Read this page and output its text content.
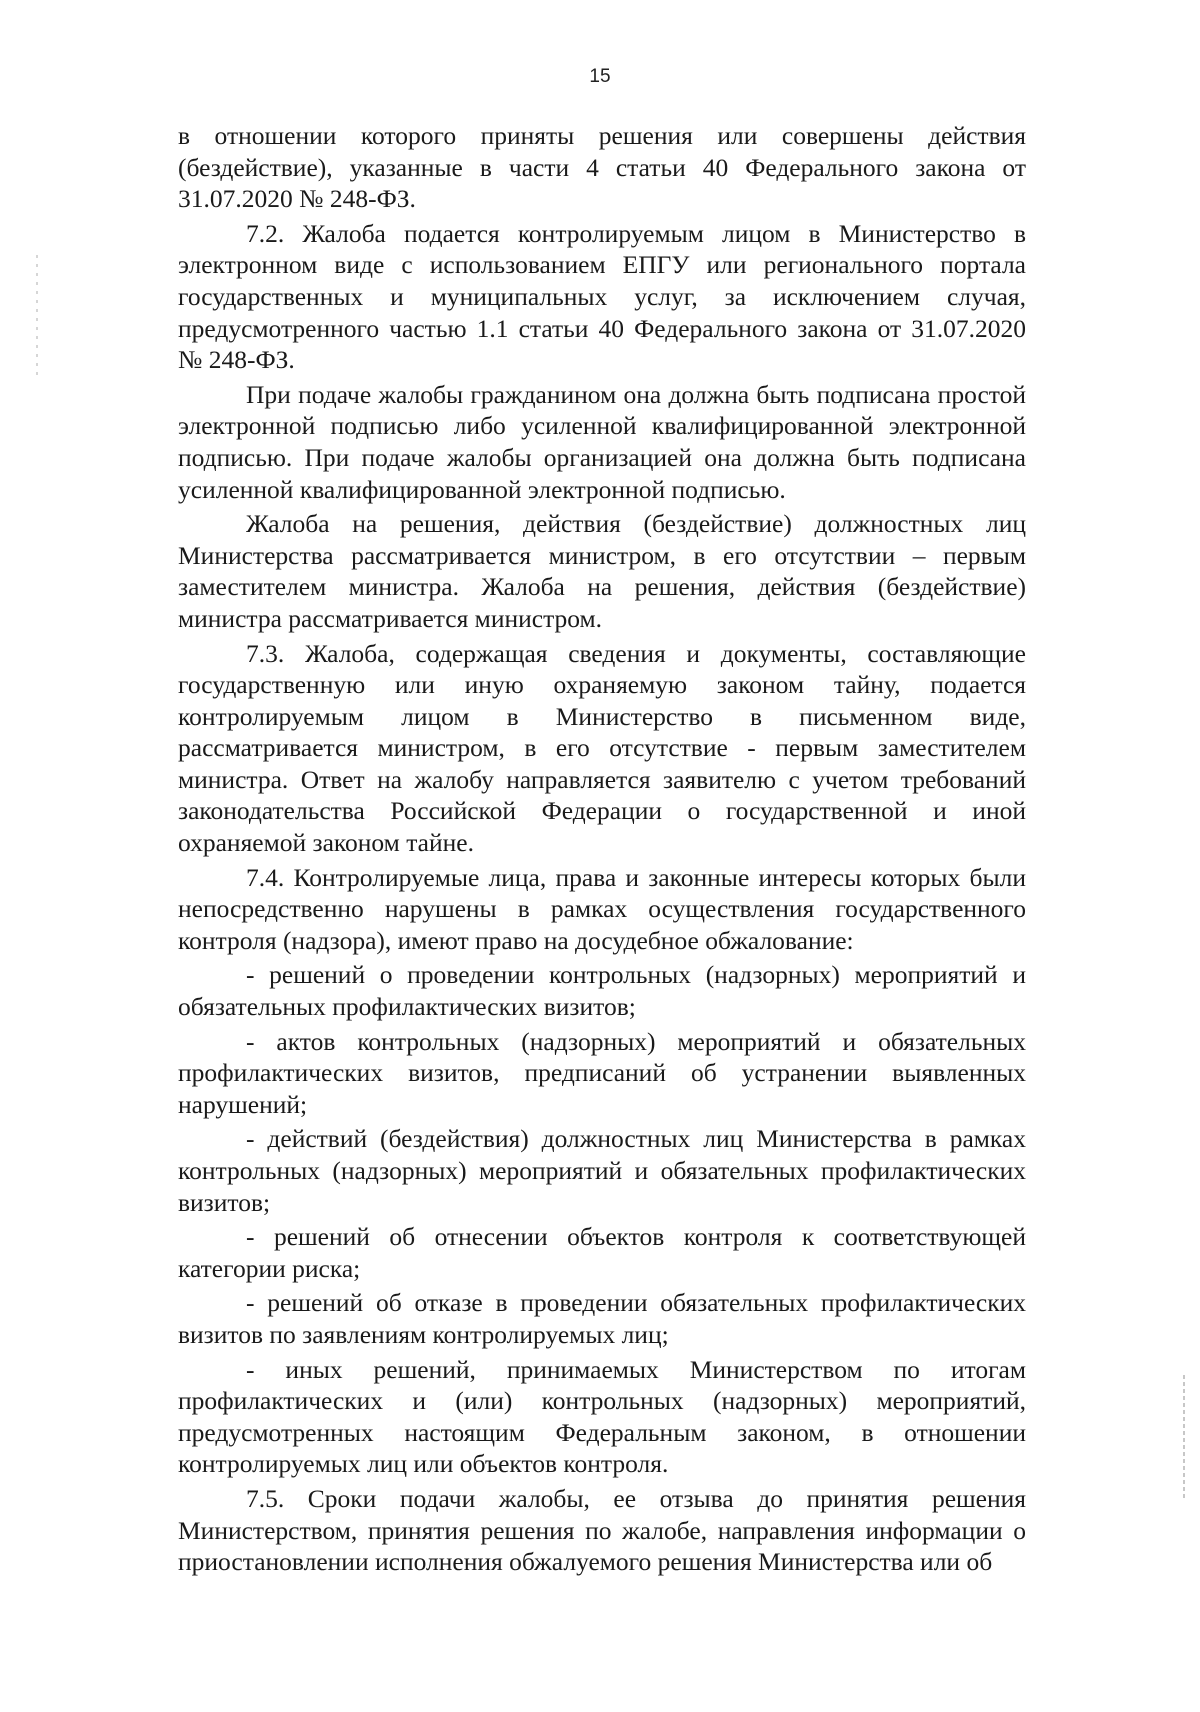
15

в отношении которого приняты решения или совершены действия (бездействие), указанные в части 4 статьи 40 Федерального закона от 31.07.2020 № 248-ФЗ.

7.2. Жалоба подается контролируемым лицом в Министерство в электронном виде с использованием ЕПГУ или регионального портала государственных и муниципальных услуг, за исключением случая, предусмотренного частью 1.1 статьи 40 Федерального закона от 31.07.2020 № 248-ФЗ.

При подаче жалобы гражданином она должна быть подписана простой электронной подписью либо усиленной квалифицированной электронной подписью. При подаче жалобы организацией она должна быть подписана усиленной квалифицированной электронной подписью.

Жалоба на решения, действия (бездействие) должностных лиц Министерства рассматривается министром, в его отсутствии – первым заместителем министра. Жалоба на решения, действия (бездействие) министра рассматривается министром.

7.3. Жалоба, содержащая сведения и документы, составляющие государственную или иную охраняемую законом тайну, подается контролируемым лицом в Министерство в письменном виде, рассматривается министром, в его отсутствие - первым заместителем министра. Ответ на жалобу направляется заявителю с учетом требований законодательства Российской Федерации о государственной и иной охраняемой законом тайне.

7.4. Контролируемые лица, права и законные интересы которых были непосредственно нарушены в рамках осуществления государственного контроля (надзора), имеют право на досудебное обжалование:

- решений о проведении контрольных (надзорных) мероприятий и обязательных профилактических визитов;

- актов контрольных (надзорных) мероприятий и обязательных профилактических визитов, предписаний об устранении выявленных нарушений;

- действий (бездействия) должностных лиц Министерства в рамках контрольных (надзорных) мероприятий и обязательных профилактических визитов;

- решений об отнесении объектов контроля к соответствующей категории риска;

- решений об отказе в проведении обязательных профилактических визитов по заявлениям контролируемых лиц;

- иных решений, принимаемых Министерством по итогам профилактических и (или) контрольных (надзорных) мероприятий, предусмотренных настоящим Федеральным законом, в отношении контролируемых лиц или объектов контроля.

7.5. Сроки подачи жалобы, ее отзыва до принятия решения Министерством, принятия решения по жалобе, направления информации о приостановлении исполнения обжалуемого решения Министерства или об
